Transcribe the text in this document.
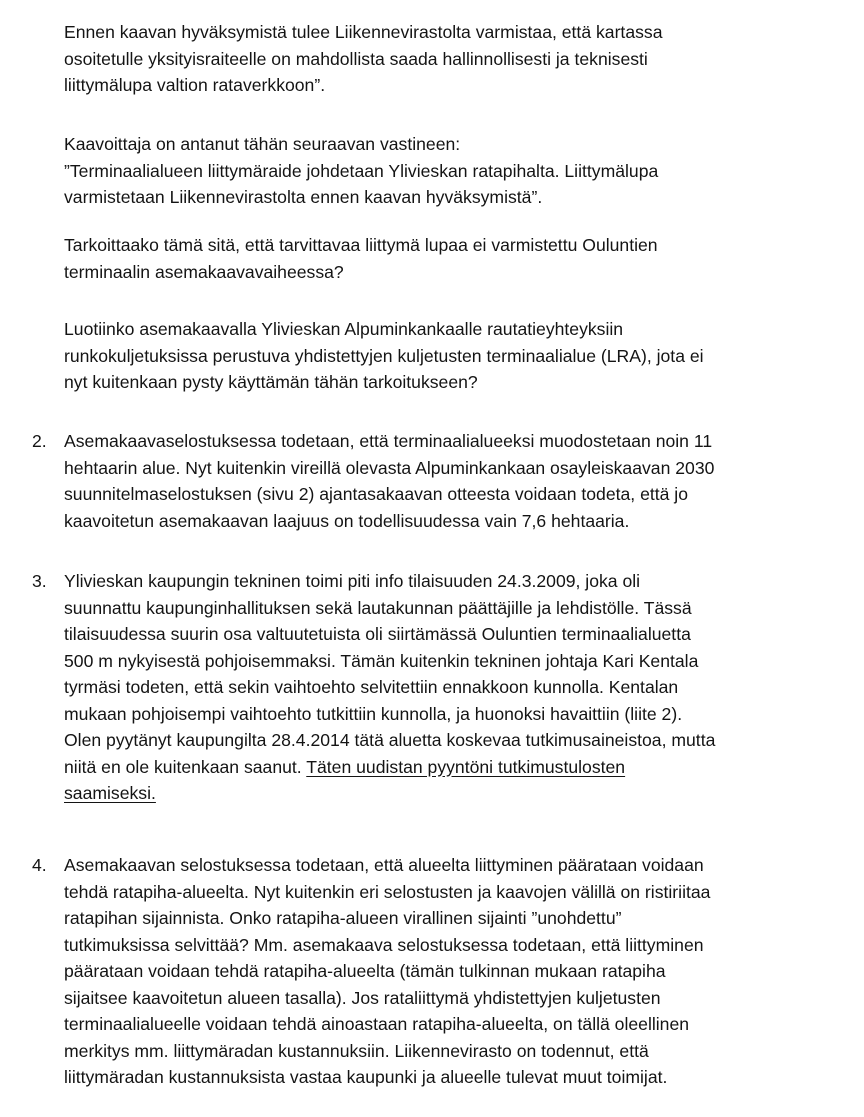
Ennen kaavan hyväksymistä tulee Liikennevirastolta varmistaa, että kartassa
osoitetulle yksityisraiteelle on mahdollista saada hallinnollisesti ja teknisesti
liittymälupa valtion rataverkkoon”.
Kaavoittaja on antanut tähän seuraavan vastineen:
”Terminaalialueen liittymäraide johdetaan Ylivieskan ratapihalta. Liittymälupa
varmistetaan Liikennevirastolta ennen kaavan hyväksymistä”.
Tarkoittaako tämä sitä, että tarvittavaa liittymä lupaa ei varmistettu Ouluntien
terminaalin asemakaavavaiheessa?
Luotiinko asemakaavalla Ylivieskan Alpuminkankaalle rautatieyhteyksiin
runkokuljetuksissa perustuva yhdistettyjen kuljetusten terminaalialue (LRA), jota ei
nyt kuitenkaan pysty käyttämän tähän tarkoitukseen?
2. Asemakaavaselostuksessa todetaan, että terminaalialueeksi muodostetaan noin 11
hehtaarin alue. Nyt kuitenkin vireillä olevasta Alpuminkankaan osayleiskaavan 2030
suunnitelmaselostuksen (sivu 2) ajantasakaavan otteesta voidaan todeta, että jo
kaavoitetun asemakaavan laajuus on todellisuudessa vain 7,6 hehtaaria.
3. Ylivieskan kaupungin tekninen toimi piti info tilaisuuden 24.3.2009, joka oli
suunnattu kaupunginhallituksen sekä lautakunnan päättäjille ja lehdistölle. Tässä
tilaisuudessa suurin osa valtuutetuista oli siirtämässä Ouluntien terminaalialuetta
500 m nykyisestä pohjoisemmaksi. Tämän kuitenkin tekninen johtaja Kari Kentala
tyrmäsi todeten, että sekin vaihtoehto selvitettiin ennakkoon kunnolla. Kentalan
mukaan pohjoisempi vaihtoehto tutkittiin kunnolla, ja huonoksi havaittiin (liite 2).
Olen pyytänyt kaupungilta 28.4.2014 tätä aluetta koskevaa tutkimusaineistoa, mutta
niitä en ole kuitenkaan saanut. Täten uudistan pyyntöni tutkimustulosten
saamiseksi.
4. Asemakaavan selostuksessa todetaan, että alueelta liittyminen päärataan voidaan
tehdä ratapiha-alueelta. Nyt kuitenkin eri selostusten ja kaavojen välillä on ristiriitaa
ratapihan sijainnista. Onko ratapiha-alueen virallinen sijainti ”unohdettu”
tutkimuksissa selvittää? Mm. asemakaava selostuksessa todetaan, että liittyminen
päärataan voidaan tehdä ratapiha-alueelta (tämän tulkinnan mukaan ratapiha
sijaitsee kaavoitetun alueen tasalla). Jos rataliittymä yhdistettyjen kuljetusten
terminaalialueelle voidaan tehdä ainoastaan ratapiha-alueelta, on tällä oleellinen
merkitys mm. liittymäradan kustannuksiin. Liikennevirasto on todennut, että
liittymäradan kustannuksista vastaa kaupunki ja alueelle tulevat muut toimijat.
